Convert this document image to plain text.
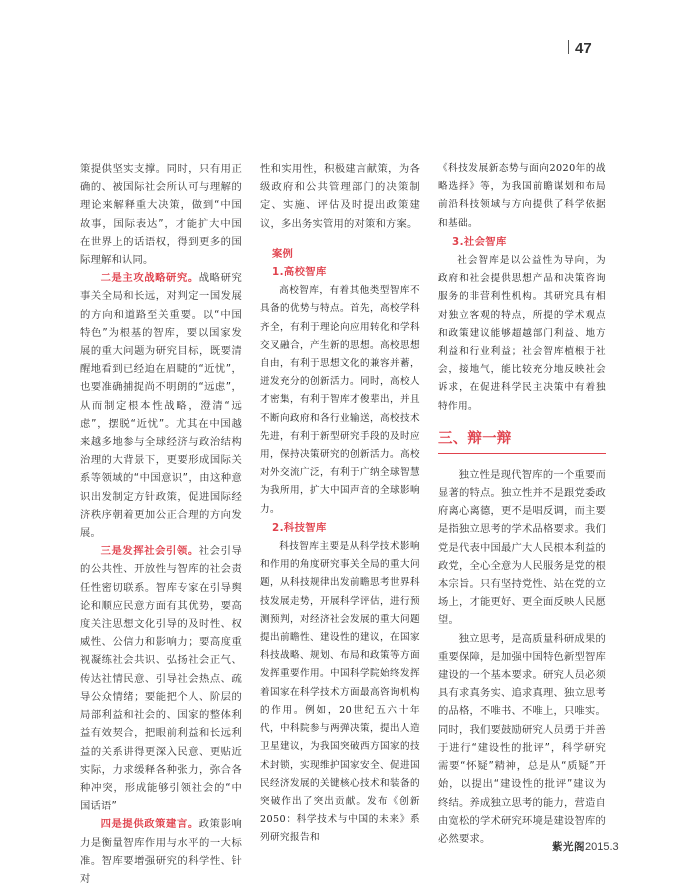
47

策提供坚实支撑。同时，只有用正确的、被国际社会所认可与理解的理论来解释重大决策，做到“中国故事，国际表达”，才能扩大中国在世界上的话语权，得到更多的国际理解和认同。

二是主攻战略研究。战略研究事关全局和长远，对判定一国发展的方向和道路至关重要。以“中国特色”为根基的智库，要以国家发展的重大问题为研究目标，既要清醒地看到已经迫在眉睫的“近忧”，也要准确捕捉尚不明朗的“远虑”，从而制定根本性战略，澄清“远虑”，摆脱“近忧”。尤其在中国越来越多地参与全球经济与政治结构治理的大背景下，更要形成国际关系等领域的“中国意识”，由这种意识出发制定方针政策，促进国际经济秩序朝着更加公正合理的方向发展。

三是发挥社会引领。社会引导的公共性、开放性与智库的社会责任性密切联系。智库专家在引导舆论和顺应民意方面有其优势，要高度关注思想文化引导的及时性、权威性、公信力和影响力；要高度重视凝练社会共识、弘扬社会正气、传达社情民意、引导社会热点、疏导公众情绪；要能把个人、阶层的局部利益和社会的、国家的整体利益有效契合，把眼前利益和长远利益的关系讲得更深入民意、更贴近实际，力求缓释各种张力，弥合各种冲突，形成能够引领社会的“中国话语”

四是提供政策建言。政策影响力是衡量智库作用与水平的一大标准。智库要增强研究的科学性、针对

性和实用性，积极建言献策，为各级政府和公共管理部门的决策制定、实施、评估及时提出政策建议，多出务实管用的对策和方案。

案例

1.高校智库

高校智库，有着其他类型智库不具备的优势与特点。首先，高校学科齐全，有利于理论向应用转化和学科交叉融合，产生新的思想。高校思想自由，有利于思想文化的兼容并蓄，迸发充分的创新活力。同时，高校人才密集，有利于智库才俊辈出，并且不断向政府和各行业输送，高校技术先进，有利于新型研究手段的及时应用，保持决策研究的创新活力。高校对外交流广泛，有利于广纳全球智慧为我所用，扩大中国声音的全球影响力。

2.科技智库

科技智库主要是从科学技术影响和作用的角度研究事关全局的重大问题，从科技规律出发前瞻思考世界科技发展走势，开展科学评估，进行预测预判，对经济社会发展的重大问题提出前瞻性、建设性的建议，在国家科技战略、规划、布局和政策等方面发挥重要作用。中国科学院始终发挥着国家在科学技术方面最高咨询机构的作用。例如，20世纪五六十年代，中科院参与两弹决策，提出人造卫星建议，为我国突破西方国家的技术封锁，实现维护国家安全、促进国民经济发展的关键核心技术和装备的突破作出了突出贡献。发布《创新2050：科学技术与中国的未来》系列研究报告和

《科技发展新态势与面向2020年的战略选择》等，为我国前瞻谋划和布局前沿科技领域与方向提供了科学依据和基础。

3.社会智库

社会智库是以公益性为导向，为政府和社会提供思想产品和决策咨询服务的非营利性机构。其研究具有相对独立客观的特点，所提的学术观点和政策建议能够超越部门利益、地方利益和行业利益；社会智库植根于社会，接地气，能比较充分地反映社会诉求，在促进科学民主决策中有着独特作用。

三、辩一辩

独立性是现代智库的一个重要而显著的特点。独立性并不是跟党委政府离心离德，更不是唱反调，而主要是指独立思考的学术品格要求。我们党是代表中国最广大人民根本利益的政党，全心全意为人民服务是党的根本宗旨。只有坚持党性、站在党的立场上，才能更好、更全面反映人民愿望。

独立思考，是高质量科研成果的重要保障，是加强中国特色新型智库建设的一个基本要求。研究人员必须具有求真务实、追求真理、独立思考的品格，不唯书、不唯上，只唯实。同时，我们要鼓励研究人员勇于并善于进行“建设性的批评”，科学研究需要“怀疑”精神，总是从“质疑”开始，以提出“建设性的批评”建议为终结。养成独立思考的能力，营造自由宽松的学术研究环境是建设智库的必然要求。

紫光阁2015.3
